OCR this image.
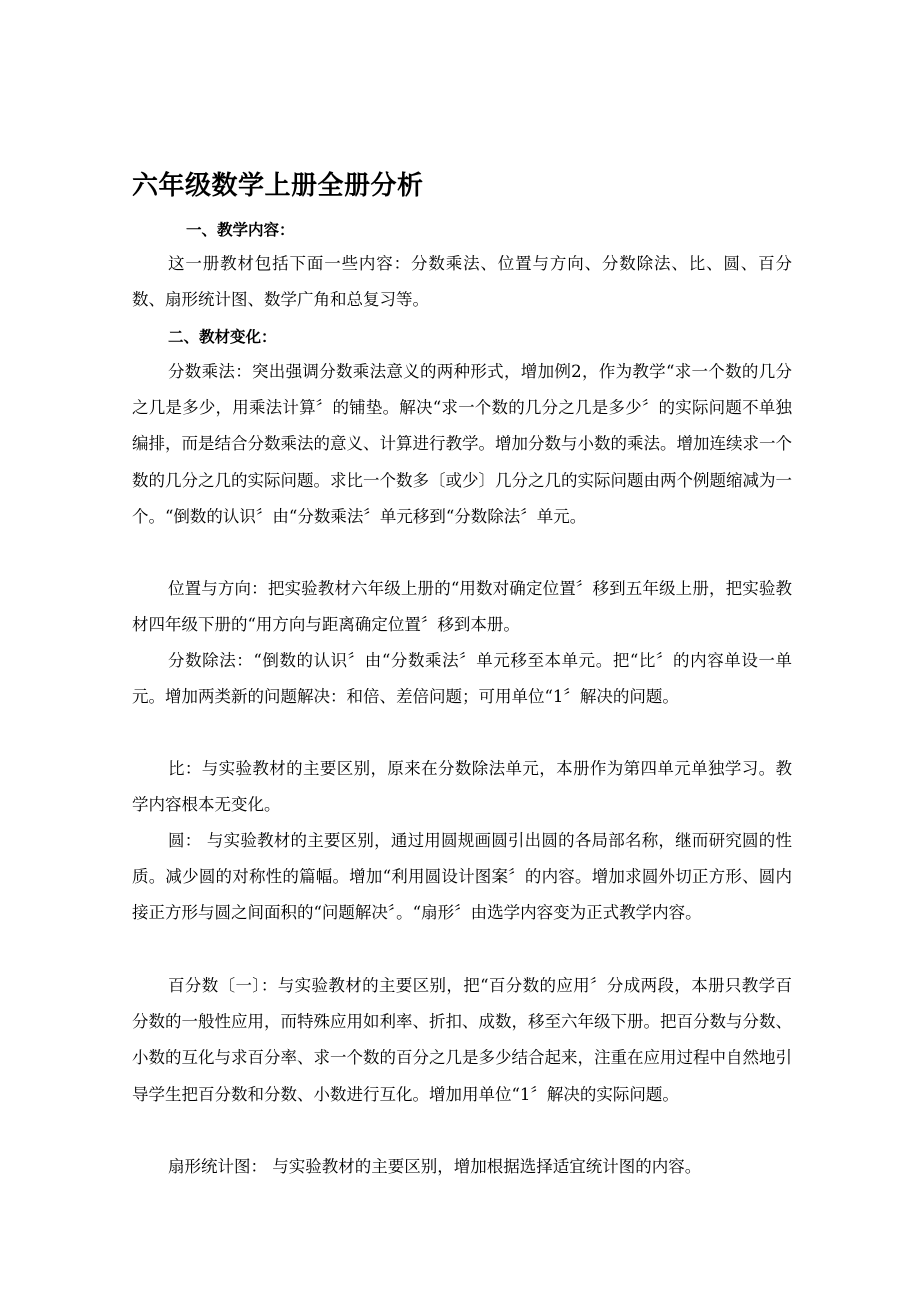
六年级数学上册全册分析
一、教学内容：

这一册教材包括下面一些内容：分数乘法、位置与方向、分数除法、比、圆、百分数、扇形统计图、数学广角和总复习等。

二、教材变化：

分数乘法：突出强调分数乘法意义的两种形式，增加例2，作为教学“求一个数的几分之几是多少，用乘法计算〞的铺垫。解决“求一个数的几分之几是多少〞的实际问题不单独编排，而是结合分数乘法的意义、计算进行教学。增加分数与小数的乘法。增加连续求一个数的几分之几的实际问题。求比一个数多〔或少〕几分之几的实际问题由两个例题缩减为一个。“倒数的认识〞由“分数乘法〞单元移到“分数除法〞单元。

位置与方向：把实验教材六年级上册的“用数对确定位置〞移到五年级上册，把实验教材四年级下册的“用方向与距离确定位置〞移到本册。

分数除法：“倒数的认识〞由“分数乘法〞单元移至本单元。把“比〞的内容单设一单元。增加两类新的问题解决：和倍、差倍问题；可用单位“1〞解决的问题。

比：与实验教材的主要区别，原来在分数除法单元，本册作为第四单元单独学习。教学内容根本无变化。

圆： 与实验教材的主要区别，通过用圆规画圆引出圆的各局部名称，继而研究圆的性质。减少圆的对称性的篇幅。增加“利用圆设计图案〞的内容。增加求圆外切正方形、圆内接正方形与圆之间面积的“问题解决〞。“扇形〞由选学内容变为正式教学内容。

百分数〔一〕：与实验教材的主要区别，把“百分数的应用〞分成两段，本册只教学百分数的一般性应用，而特殊应用如利率、折扣、成数，移至六年级下册。把百分数与分数、小数的互化与求百分率、求一个数的百分之几是多少结合起来，注重在应用过程中自然地引导学生把百分数和分数、小数进行互化。增加用单位“1〞解决的实际问题。

扇形统计图： 与实验教材的主要区别，增加根据选择适宜统计图的内容。
